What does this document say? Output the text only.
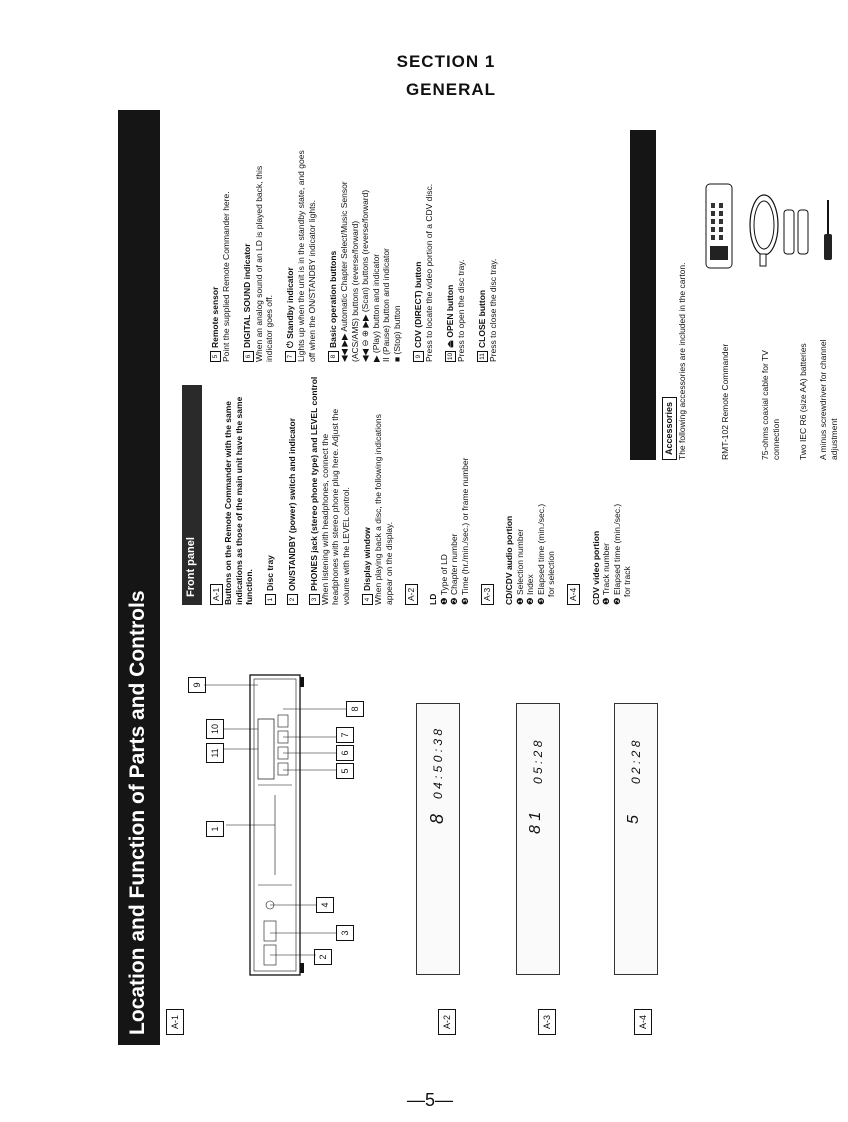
SECTION 1
GENERAL
Location and Function of Parts and Controls	A-1	A-2	A-3	A-4
1
2
3
4
5
6
7
8
9
10
11
8
0 4 : 5 0 : 3 8
8 1
0 5 : 2 8
5
0 2 : 2 8
Front panel A-1 Buttons on the Remote Commander with the same
indications as those of the main unit have the same
function. 1Disc tray

2ON/STANDBY (power) switch and indicator

3PHONES jack (stereo phone type) and LEVEL control
When listening with headphones, connect the
headphones with stereo phone plug here. Adjust the
volume with the LEVEL control. 4Display window
When playing back a disc, the following indications
appear on the display. A-2 LD
❶ Type of LD
❷ Chapter number
❸ Time (hr./min./sec.) or frame number A-3 CD/CDV audio portion
❶ Selection number
❷ Index
❸ Elapsed time (min./sec.)
for selection A-4 CDV video portion
❶ Track number
❷ Elapsed time (min./sec.)
for track
5Remote sensor
Point the supplied Remote Commander here. 6DIGITAL SOUND indicator
When an analog sound of an LD is played back, this
indicator goes off. 7⏻ Standby indicator
Lights up when the unit is in the standby state, and goes
off when the ON/STANDBY indicator lights. 8Basic operation buttons
◀◀ ▶▶ Automatic Chapter Select/Music Sensor
(ACS/AMS) buttons (reverse/forward)
◀◀ ⊖ ⊕ ▶▶ (Scan) buttons (reverse/forward)
▶ (Play) button and indicator
II (Pause) button and indicator
■ (Stop) button 9CDV (DIRECT) button
Press to locate the video portion of a CDV disc. 10⏏ OPEN button
Press to open the disc tray. 11CLOSE button
Press to close the disc tray.
Accessories The following accessories are included in the carton.	RMT-102 Remote Commander	75-ohms coaxial cable for TV
connection Two IEC R6 (size AA) batteries A minus screwdriver for channel
adjustment
—5—
